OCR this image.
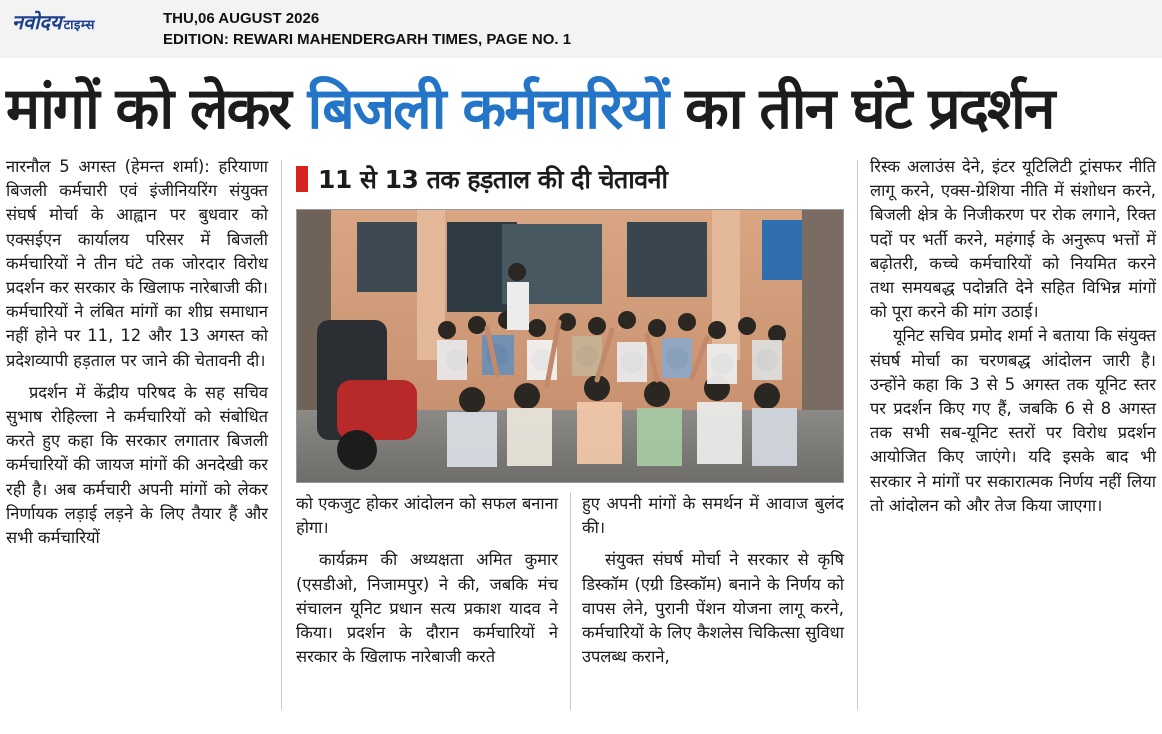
नवोदय टाइम्स	THU,06 AUGUST 2026
EDITION: REWARI MAHENDERGARH TIMES, PAGE NO. 1
मांगों को लेकर बिजली कर्मचारियों का तीन घंटे प्रदर्शन

नारनौल 5 अगस्त (हेमन्त शर्मा): हरियाणा बिजली कर्मचारी एवं इंजीनियरिंग संयुक्त संघर्ष मोर्चा के आह्वान पर बुधवार को एक्सईएन कार्यालय परिसर में बिजली कर्मचारियों ने तीन घंटे तक जोरदार विरोध प्रदर्शन कर सरकार के खिलाफ नारेबाजी की। कर्मचारियों ने लंबित मांगों का शीघ्र समाधान नहीं होने पर 11, 12 और 13 अगस्त को प्रदेशव्यापी हड़ताल पर जाने की चेतावनी दी।

प्रदर्शन में केंद्रीय परिषद के सह सचिव सुभाष रोहिल्ला ने कर्मचारियों को संबोधित करते हुए कहा कि सरकार लगातार बिजली कर्मचारियों की जायज मांगों की अनदेखी कर रही है। अब कर्मचारी अपनी मांगों को लेकर निर्णायक लड़ाई लड़ने के लिए तैयार हैं और सभी कर्मचारियों

11 से 13 तक हड़ताल की दी चेतावनी

को एकजुट होकर आंदोलन को सफल बनाना होगा।

कार्यक्रम की अध्यक्षता अमित कुमार (एसडीओ, निजामपुर) ने की, जबकि मंच संचालन यूनिट प्रधान सत्य प्रकाश यादव ने किया। प्रदर्शन के दौरान कर्मचारियों ने सरकार के खिलाफ नारेबाजी करते

हुए अपनी मांगों के समर्थन में आवाज बुलंद की।

संयुक्त संघर्ष मोर्चा ने सरकार से कृषि डिस्कॉम (एग्री डिस्कॉम) बनाने के निर्णय को वापस लेने, पुरानी पेंशन योजना लागू करने, कर्मचारियों के लिए कैशलेस चिकित्सा सुविधा उपलब्ध कराने,

रिस्क अलाउंस देने, इंटर यूटिलिटी ट्रांसफर नीति लागू करने, एक्स-ग्रेशिया नीति में संशोधन करने, बिजली क्षेत्र के निजीकरण पर रोक लगाने, रिक्त पदों पर भर्ती करने, महंगाई के अनुरूप भत्तों में बढ़ोतरी, कच्चे कर्मचारियों को नियमित करने तथा समयबद्ध पदोन्नति देने सहित विभिन्न मांगों को पूरा करने की मांग उठाई।

यूनिट सचिव प्रमोद शर्मा ने बताया कि संयुक्त संघर्ष मोर्चा का चरणबद्ध आंदोलन जारी है। उन्होंने कहा कि 3 से 5 अगस्त तक यूनिट स्तर पर प्रदर्शन किए गए हैं, जबकि 6 से 8 अगस्त तक सभी सब-यूनिट स्तरों पर विरोध प्रदर्शन आयोजित किए जाएंगे। यदि इसके बाद भी सरकार ने मांगों पर सकारात्मक निर्णय नहीं लिया तो आंदोलन को और तेज किया जाएगा।
